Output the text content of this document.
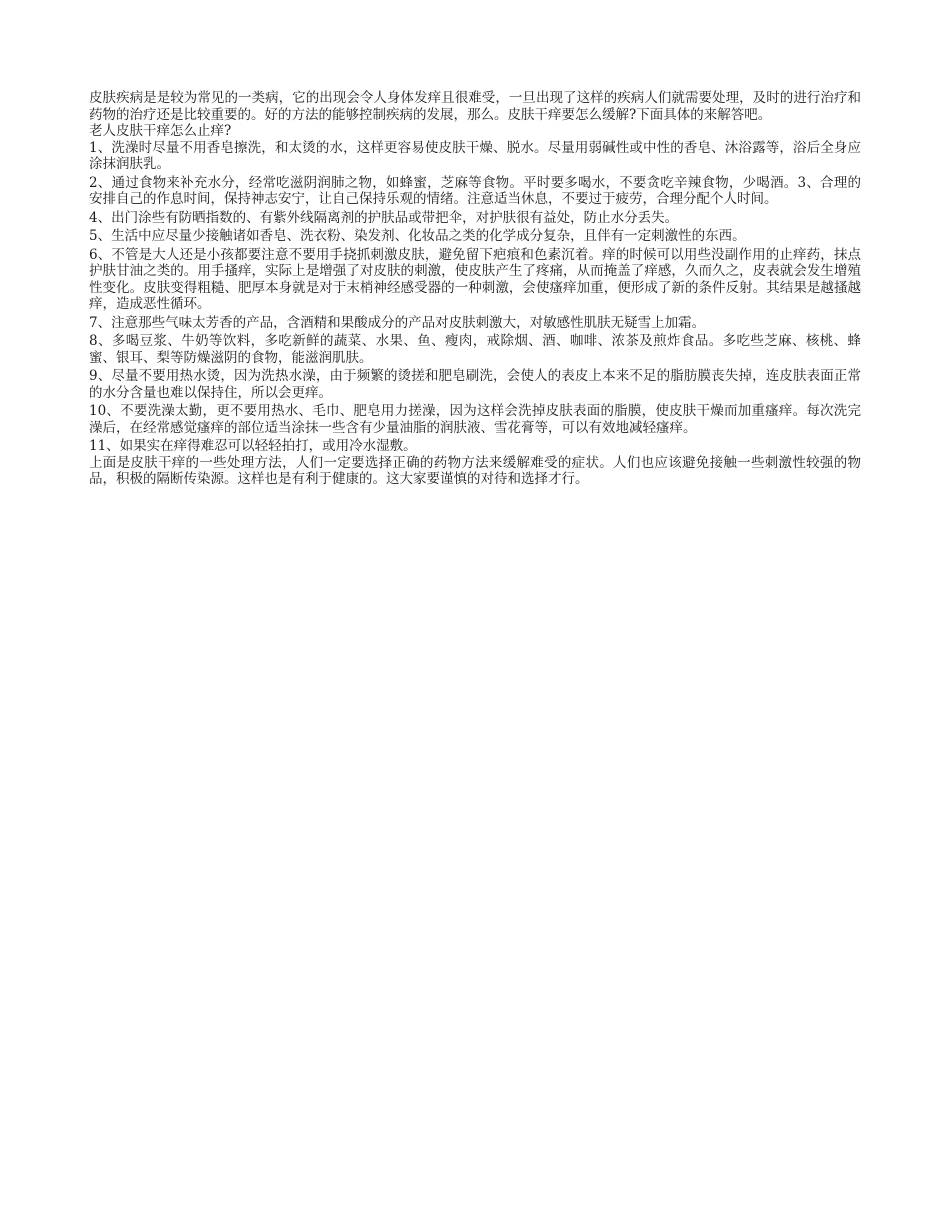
皮肤疾病是是较为常见的一类病，它的出现会令人身体发痒且很难受，一旦出现了这样的疾病人们就需要处理，及时的进行治疗和药物的治疗还是比较重要的。好的方法的能够控制疾病的发展，那么。皮肤干痒要怎么缓解?下面具体的来解答吧。

老人皮肤干痒怎么止痒?

1、洗澡时尽量不用香皂擦洗，和太烫的水，这样更容易使皮肤干燥、脱水。尽量用弱碱性或中性的香皂、沐浴露等，浴后全身应涂抹润肤乳。

2、通过食物来补充水分，经常吃滋阴润肺之物，如蜂蜜，芝麻等食物。平时要多喝水，不要贪吃辛辣食物，少喝酒。3、合理的安排自己的作息时间，保持神志安宁，让自己保持乐观的情绪。注意适当休息，不要过于疲劳，合理分配个人时间。

4、出门涂些有防晒指数的、有紫外线隔离剂的护肤品或带把伞，对护肤很有益处，防止水分丢失。

5、生活中应尽量少接触诸如香皂、洗衣粉、染发剂、化妆品之类的化学成分复杂，且伴有一定刺激性的东西。

6、不管是大人还是小孩都要注意不要用手挠抓刺激皮肤，避免留下疤痕和色素沉着。痒的时候可以用些没副作用的止痒药，抹点护肤甘油之类的。用手搔痒，实际上是增强了对皮肤的刺激，使皮肤产生了疼痛，从而掩盖了痒感，久而久之，皮表就会发生增殖性变化。皮肤变得粗糙、肥厚本身就是对于末梢神经感受器的一种刺激，会使瘙痒加重，便形成了新的条件反射。其结果是越搔越痒，造成恶性循环。

7、注意那些气味太芳香的产品，含酒精和果酸成分的产品对皮肤刺激大，对敏感性肌肤无疑雪上加霜。

8、多喝豆浆、牛奶等饮料，多吃新鲜的蔬菜、水果、鱼、瘦肉，戒除烟、酒、咖啡、浓茶及煎炸食品。多吃些芝麻、核桃、蜂蜜、银耳、梨等防燥滋阴的食物，能滋润肌肤。

9、尽量不要用热水烫，因为洗热水澡，由于频繁的烫搓和肥皂刷洗，会使人的表皮上本来不足的脂肪膜丧失掉，连皮肤表面正常的水分含量也难以保持住，所以会更痒。

10、不要洗澡太勤，更不要用热水、毛巾、肥皂用力搓澡，因为这样会洗掉皮肤表面的脂膜，使皮肤干燥而加重瘙痒。每次洗完澡后，在经常感觉瘙痒的部位适当涂抹一些含有少量油脂的润肤液、雪花膏等，可以有效地减轻瘙痒。

11、如果实在痒得难忍可以轻轻拍打，或用冷水湿敷。

上面是皮肤干痒的一些处理方法，人们一定要选择正确的药物方法来缓解难受的症状。人们也应该避免接触一些刺激性较强的物品，积极的隔断传染源。这样也是有利于健康的。这大家要谨慎的对待和选择才行。
